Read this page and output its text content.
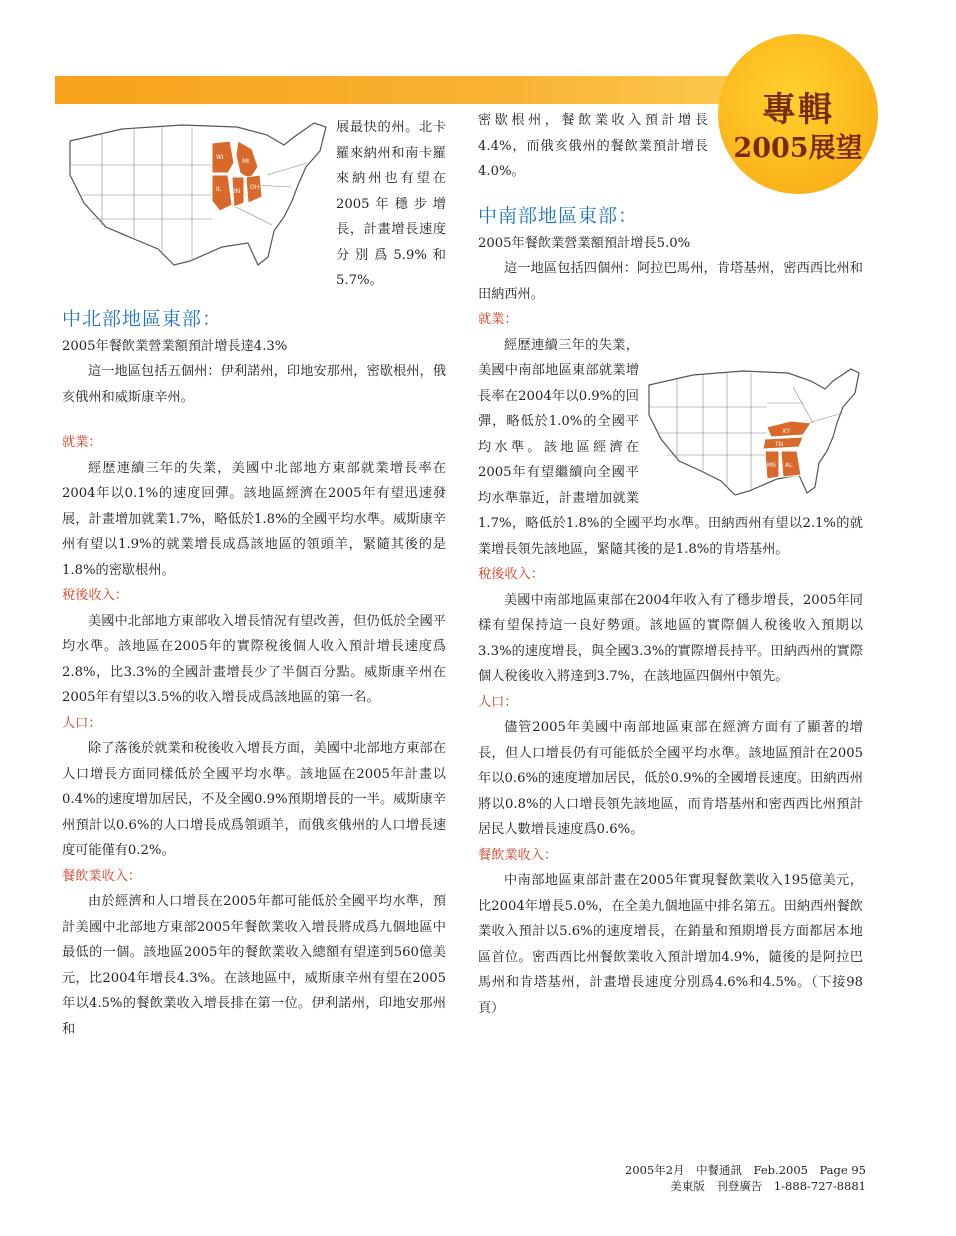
專輯
2005展望
WI
MI
IL IN
OH

展最快的州。北卡羅來納州和南卡羅來納州也有望在2005年穩步增長，計畫增長速度分別爲5.9%和5.7%。

中北部地區東部：

2005年餐飲業營業額預計增長達4.3%

這一地區包括五個州：伊利諾州，印地安那州，密歇根州，俄亥俄州和威斯康辛州。

就業：

經歷連續三年的失業，美國中北部地方東部就業增長率在2004年以0.1%的速度回彈。該地區經濟在2005年有望迅速發展，計畫增加就業1.7%，略低於1.8%的全國平均水準。威斯康辛州有望以1.9%的就業增長成爲該地區的領頭羊，緊隨其後的是1.8%的密歇根州。

稅後收入：

美國中北部地方東部收入增長情況有望改善，但仍低於全國平均水準。該地區在2005年的實際稅後個人收入預計增長速度爲2.8%，比3.3%的全國計畫增長少了半個百分點。威斯康辛州在2005年有望以3.5%的收入增長成爲該地區的第一名。

人口：

除了落後於就業和稅後收入增長方面，美國中北部地方東部在人口增長方面同樣低於全國平均水準。該地區在2005年計畫以0.4%的速度增加居民，不及全國0.9%預期增長的一半。威斯康辛州預計以0.6%的人口增長成爲領頭羊，而俄亥俄州的人口增長速度可能僅有0.2%。

餐飲業收入：

由於經濟和人口增長在2005年都可能低於全國平均水準，預計美國中北部地方東部2005年餐飲業收入增長將成爲九個地區中最低的一個。該地區2005年的餐飲業收入總額有望達到560億美元，比2004年增長4.3%。在該地區中，威斯康辛州有望在2005年以4.5%的餐飲業收入增長排在第一位。伊利諾州，印地安那州和

密歇根州，餐飲業收入預計增長4.4%，而俄亥俄州的餐飲業預計增長4.0%。

中南部地區東部：

2005年餐飲業營業額預計增長5.0%

這一地區包括四個州：阿拉巴馬州，肯塔基州，密西西比州和田納西州。

就業：

KY
TN
MS AL

經歷連續三年的失業，美國中南部地區東部就業增長率在2004年以0.9%的回彈，略低於1.0%的全國平均水準。該地區經濟在2005年有望繼續向全國平均水準靠近，計畫增加就業1.7%，略低於1.8%的全國平均水準。田納西州有望以2.1%的就業增長領先該地區，緊隨其後的是1.8%的肯塔基州。

稅後收入：

美國中南部地區東部在2004年收入有了穩步增長，2005年同樣有望保持這一良好勢頭。該地區的實際個人稅後收入預期以3.3%的速度增長，與全國3.3%的實際增長持平。田納西州的實際個人稅後收入將達到3.7%，在該地區四個州中領先。

人口：

儘管2005年美國中南部地區東部在經濟方面有了顯著的增長，但人口增長仍有可能低於全國平均水準。該地區預計在2005年以0.6%的速度增加居民，低於0.9%的全國增長速度。田納西州將以0.8%的人口增長領先該地區，而肯塔基州和密西西比州預計居民人數增長速度爲0.6%。

餐飲業收入：

中南部地區東部計畫在2005年實現餐飲業收入195億美元，比2004年增長5.0%，在全美九個地區中排名第五。田納西州餐飲業收入預計以5.6%的速度增長，在銷量和預期增長方面都居本地區首位。密西西比州餐飲業收入預計增加4.9%，隨後的是阿拉巴馬州和肯塔基州，計畫增長速度分別爲4.6%和4.5%。（下接98頁）

2005年2月　中餐通訊　Feb.2005　Page 95
美東版　刊登廣告　1-888-727-8881
